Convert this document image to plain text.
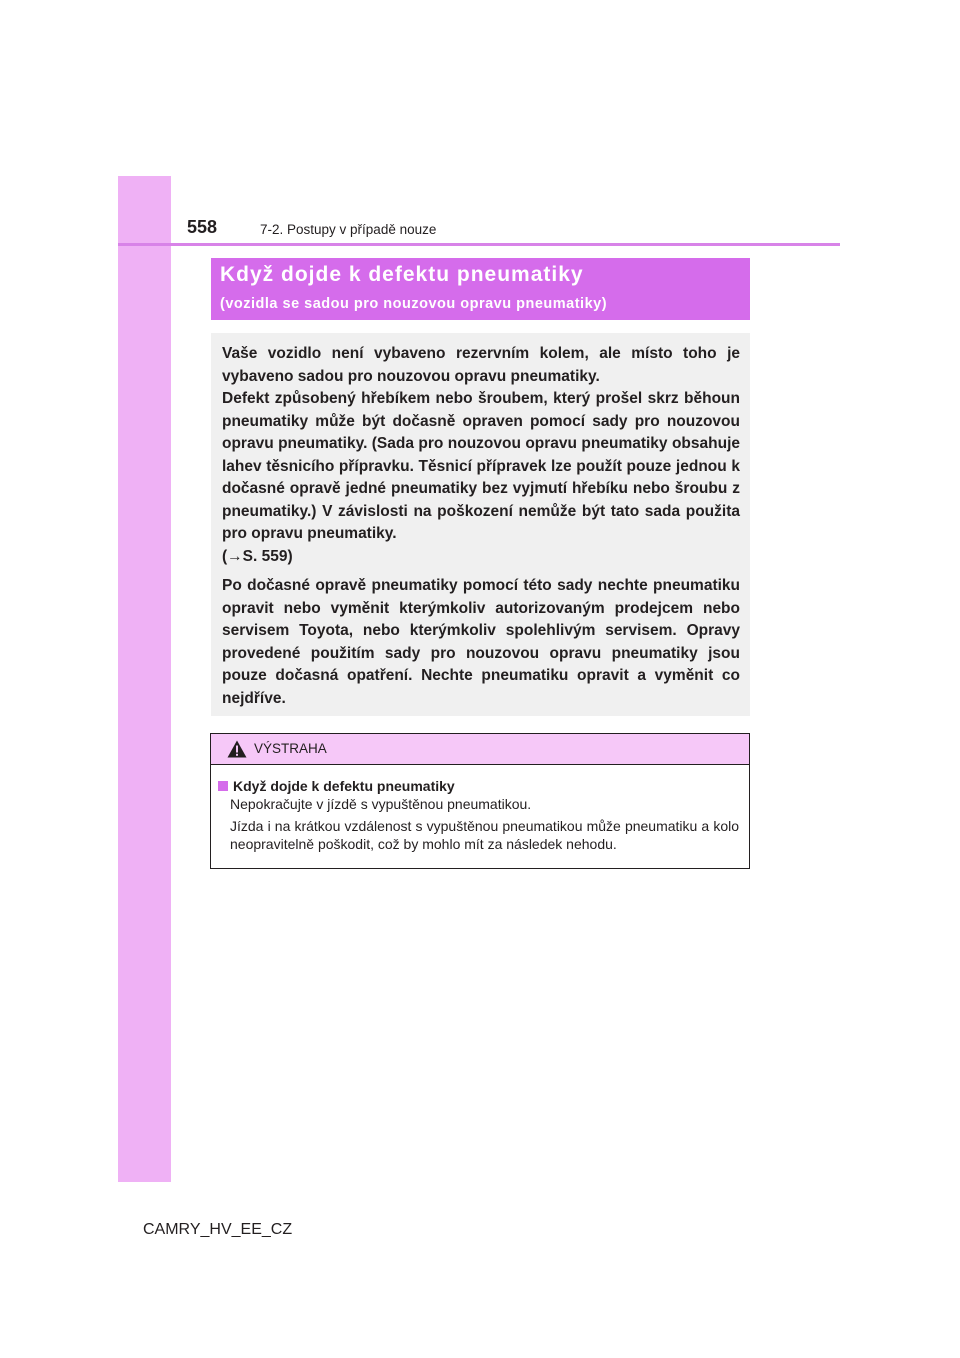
558	7-2. Postupy v případě nouze
Když dojde k defektu pneumatiky
(vozidla se sadou pro nouzovou opravu pneumatiky)

Vaše vozidlo není vybaveno rezervním kolem, ale místo toho je vybaveno sadou pro nouzovou opravu pneumatiky.

Defekt způsobený hřebíkem nebo šroubem, který prošel skrz běhoun pneumatiky může být dočasně opraven pomocí sady pro nouzovou opravu pneumatiky. (Sada pro nouzovou opravu pneumatiky obsahuje lahev těsnicího přípravku. Těsnicí přípravek lze použít pouze jednou k dočasné opravě jedné pneumatiky bez vyjmutí hřebíku nebo šroubu z pneumatiky.) V závislosti na poškození nemůže být tato sada použita pro opravu pneumatiky.
(→S. 559)

Po dočasné opravě pneumatiky pomocí této sady nechte pneumatiku opravit nebo vyměnit kterýmkoliv autorizovaným prodejcem nebo servisem Toyota, nebo kterýmkoliv spolehlivým servisem. Opravy provedené použitím sady pro nouzovou opravu pneumatiky jsou pouze dočasná opatření. Nechte pneumatiku opravit a vyměnit co nejdříve.

VÝSTRAHA
Když dojde k defektu pneumatiky
Nepokračujte v jízdě s vypuštěnou pneumatikou.
Jízda i na krátkou vzdálenost s vypuštěnou pneumatikou může pneumatiku a kolo neopravitelně poškodit, což by mohlo mít za následek nehodu.
CAMRY_HV_EE_CZ
